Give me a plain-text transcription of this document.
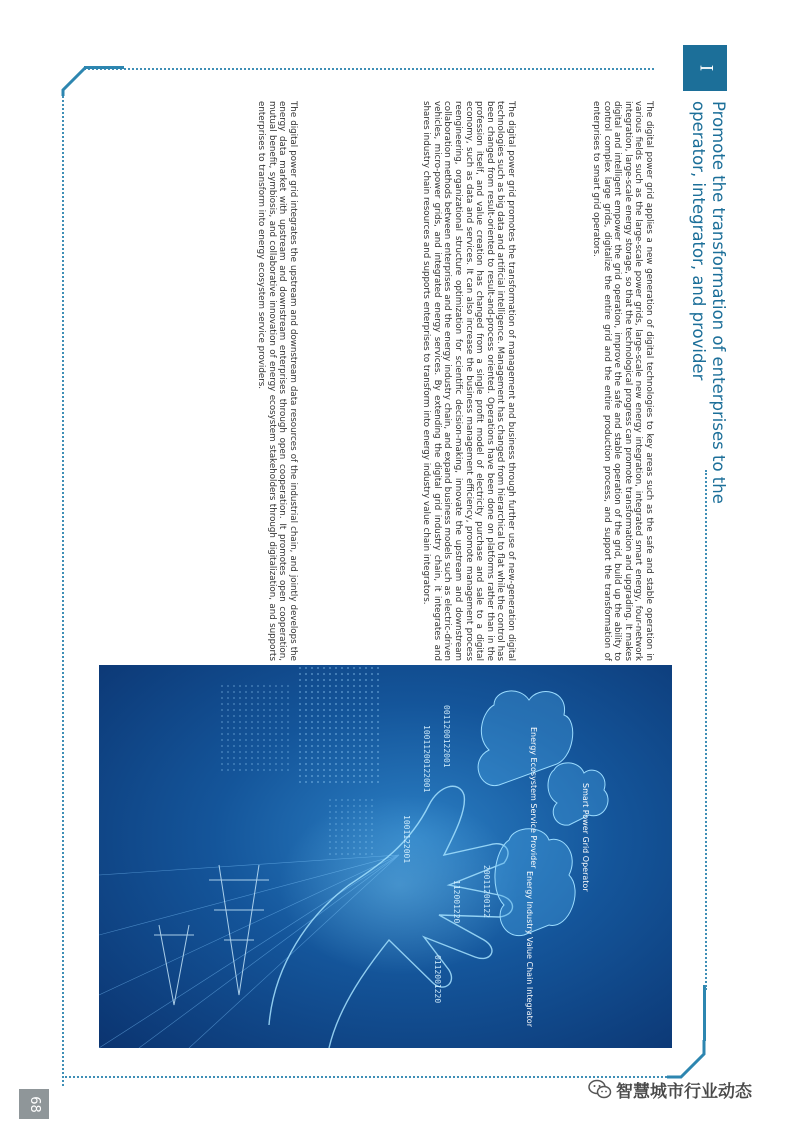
I
Promote the transformation of enterprises to the operator, integrator, and provider

The digital power grid applies a new generation of digital technologies to key areas such as the safe and stable operation in various fields such as the large-scale power grids, large-scale new energy integration, integrated smart energy, four-network integration, large-scale energy storage, so that the technological progress can promote transformation and upgrading. It makes digital and intelligent empower the grid operation, improve the safe and stable operation of the grid, build up the ability to control complex large grids, digitalize the entire grid and the entire production process, and support the transformation of enterprises to smart grid operators.

The digital power grid promotes the transformation of management and business through further use of new-generation digital technologies such as big data and artificial intelligence. Management has changed from hierarchical to flat while the control has been changed from result-oriented to result-and-process oriented. Operations have been done on platforms rather than in the profession itself, and value creation has changed from a single profit model of electricity purchase and sale to a digital economy, such as data and services. It can also increase the business management efficiency, promote management process reengineering, organizational structure optimization for scientific decision-making, innovate the upstream and downstream collaboration methods between enterprises and the energy industry chain, and expand business models such as electric-driven vehicles, micro-power grids, and integrated energy services. By extending the digital grid industry chain, it integrates and shares industry chain resources and supports enterprises to transform into energy industry value chain integrators.

The digital power grid integrates the upstream and downstream data resources of the industrial chain, and jointly develops the energy data market with upstream and downstream enterprises through open cooperation. It promotes open cooperation, mutual benefit, symbiosis, and collaborative innovation of energy ecosystem stakeholders through digitalization, and supports enterprises to transform into energy ecosystem service providers.

Energy Ecosystem Service Provider	Smart Power Grid Operator
Energy Industry Value Chain Integrator
0011200122001
10011200122001
1001122001
112001220	20011200122
0112001220
68
智慧城市行业动态
